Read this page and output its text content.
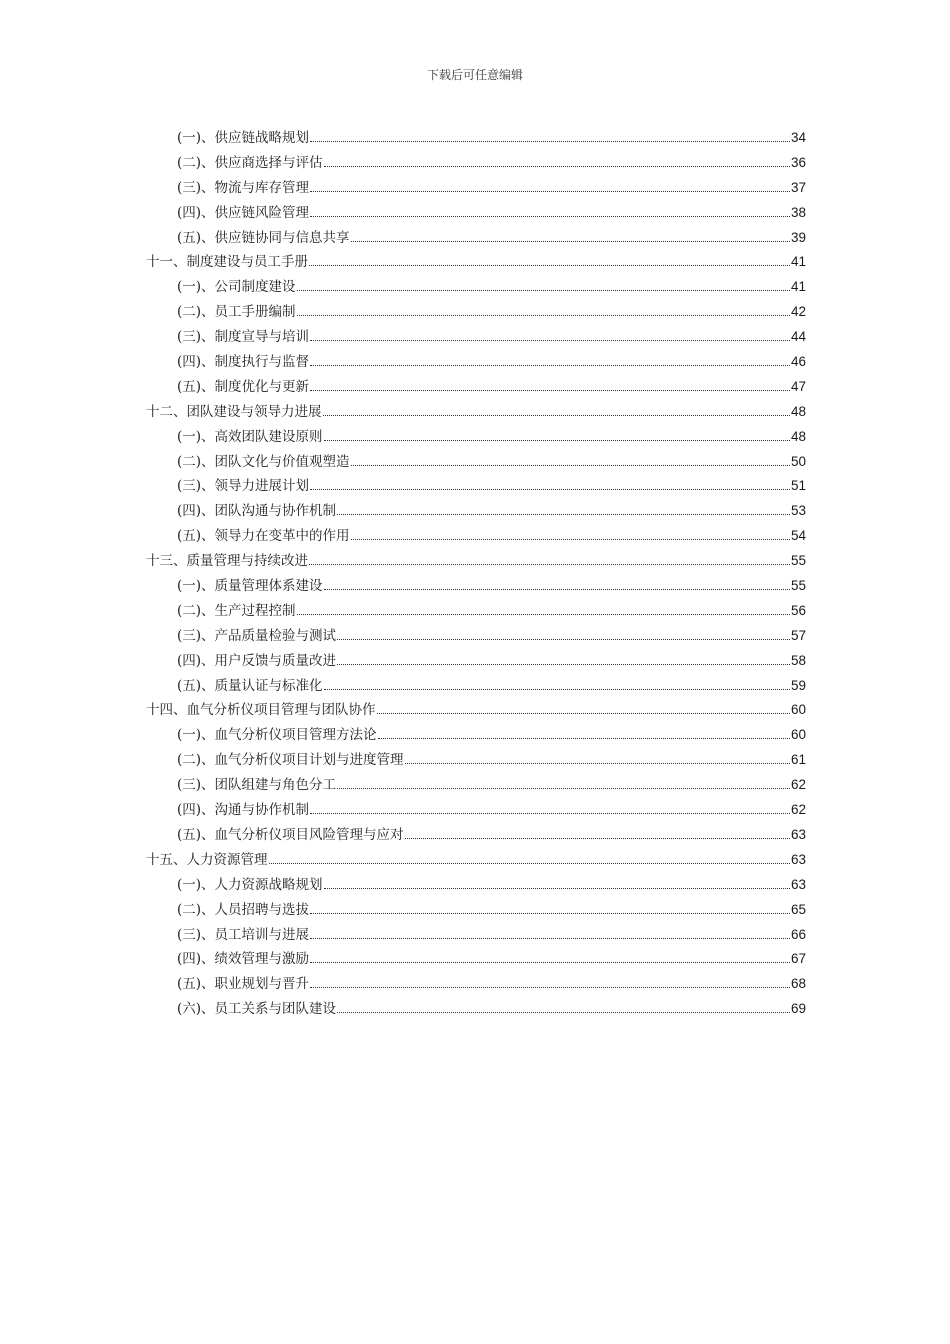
下载后可任意编辑
(一)、供应链战略规划	34
(二)、供应商选择与评估	36
(三)、物流与库存管理	37
(四)、供应链风险管理	38
(五)、供应链协同与信息共享	39
十一、制度建设与员工手册	41
(一)、公司制度建设	41
(二)、员工手册编制	42
(三)、制度宣导与培训	44
(四)、制度执行与监督	46
(五)、制度优化与更新	47
十二、团队建设与领导力进展	48
(一)、高效团队建设原则	48
(二)、团队文化与价值观塑造	50
(三)、领导力进展计划	51
(四)、团队沟通与协作机制	53
(五)、领导力在变革中的作用	54
十三、质量管理与持续改进	55
(一)、质量管理体系建设	55
(二)、生产过程控制	56
(三)、产品质量检验与测试	57
(四)、用户反馈与质量改进	58
(五)、质量认证与标准化	59
十四、血气分析仪项目管理与团队协作	60
(一)、血气分析仪项目管理方法论	60
(二)、血气分析仪项目计划与进度管理	61
(三)、团队组建与角色分工	62
(四)、沟通与协作机制	62
(五)、血气分析仪项目风险管理与应对	63
十五、人力资源管理	63
(一)、人力资源战略规划	63
(二)、人员招聘与选拔	65
(三)、员工培训与进展	66
(四)、绩效管理与激励	67
(五)、职业规划与晋升	68
(六)、员工关系与团队建设	69
